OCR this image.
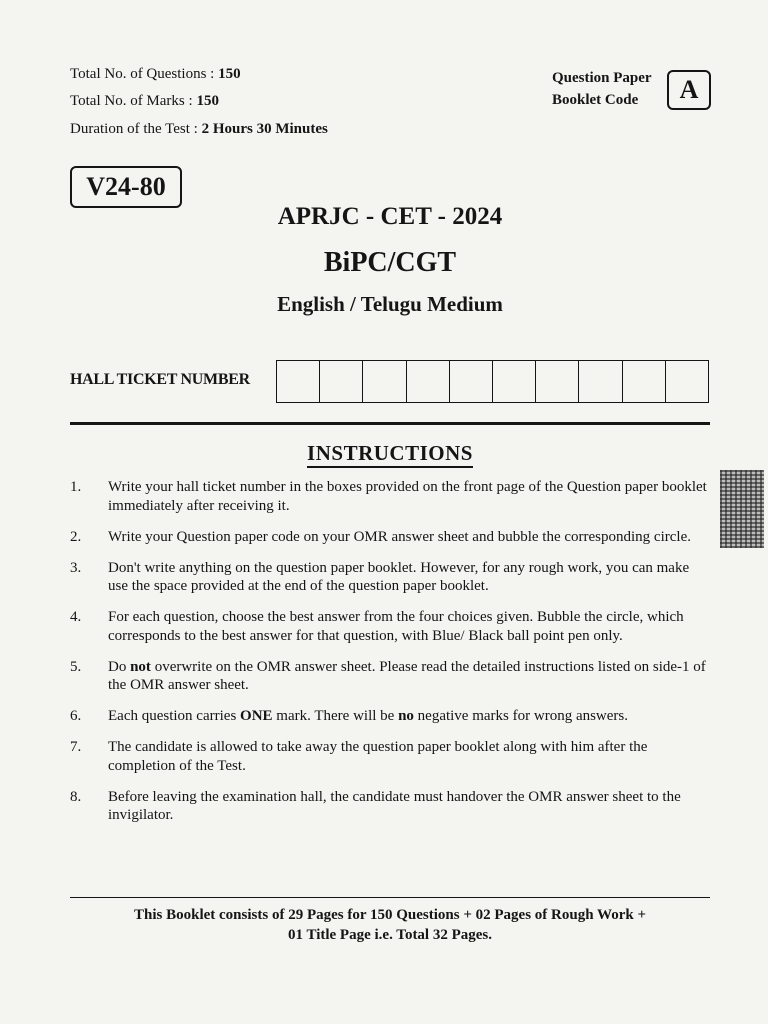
Total No. of Questions : 150
Total No. of Marks : 150
Duration of the Test : 2 Hours 30 Minutes
Question Paper
Booklet Code	A
V24-80
APRJC - CET - 2024
BiPC/CGT
English / Telugu Medium
HALL TICKET NUMBER
INSTRUCTIONS
1.	Write your hall ticket number in the boxes provided on the front page of the Question paper booklet immediately after receiving it.
2.	Write your Question paper code on your OMR answer sheet and bubble the corresponding circle.
3.	Don't write anything on the question paper booklet. However, for any rough work, you can make use the space provided at the end of the question paper booklet.
4.	For each question, choose the best answer from the four choices given. Bubble the circle, which corresponds to the best answer for that question, with Blue/ Black ball point pen only.
5.	Do not overwrite on the OMR answer sheet. Please read the detailed instructions listed on side-1 of the OMR answer sheet.
6.	Each question carries ONE mark. There will be no negative marks for wrong answers.
7.	The candidate is allowed to take away the question paper booklet along with him after the completion of the Test.
8.	Before leaving the examination hall, the candidate must handover the OMR answer sheet to the invigilator.
This Booklet consists of 29 Pages for 150 Questions + 02 Pages of Rough Work +
01 Title Page i.e. Total 32 Pages.
